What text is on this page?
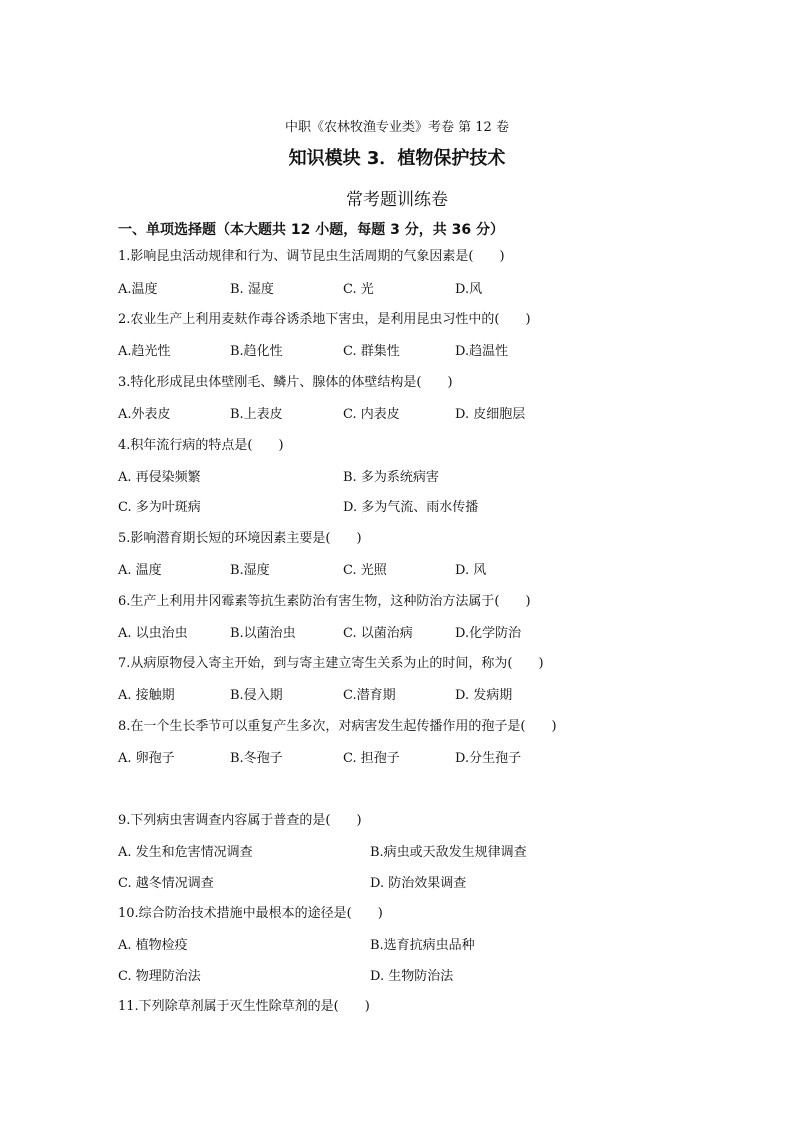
中职《农林牧渔专业类》考卷 第 12 卷
知识模块 3．植物保护技术
常考题训练卷
一、单项选择题（本大题共 12 小题，每题 3 分，共 36 分）
1.影响昆虫活动规律和行为、调节昆虫生活周期的气象因素是(　　)
A.温度	B. 湿度	C. 光	D.风
2.农业生产上利用麦麸作毒谷诱杀地下害虫，是利用昆虫习性中的(　　)
A.趋光性	B.趋化性	C. 群集性	D.趋温性
3.特化形成昆虫体壁刚毛、鳞片、腺体的体壁结构是(　　)
A.外表皮	B.上表皮	C. 内表皮	D. 皮细胞层
4.积年流行病的特点是(　　)
A. 再侵染频繁	B. 多为系统病害
C. 多为叶斑病	D. 多为气流、雨水传播
5.影响潜育期长短的环境因素主要是(　　)
A. 温度	B.湿度	C. 光照	D. 风
6.生产上利用井冈霉素等抗生素防治有害生物，这种防治方法属于(　　)
A. 以虫治虫	B.以菌治虫	C. 以菌治病	D.化学防治
7.从病原物侵入寄主开始，到与寄主建立寄生关系为止的时间，称为(　　)
A. 接触期	B.侵入期	C.潜育期	D. 发病期
8.在一个生长季节可以重复产生多次，对病害发生起传播作用的孢子是(　　)
A. 卵孢子	B.冬孢子	C. 担孢子	D.分生孢子
9.下列病虫害调查内容属于普查的是(　　)
A. 发生和危害情况调查	B.病虫或天敌发生规律调查
C. 越冬情况调查	D. 防治效果调查
10.综合防治技术措施中最根本的途径是(　　)
A. 植物检疫	B.选育抗病虫品种
C. 物理防治法	D. 生物防治法
11.下列除草剂属于灭生性除草剂的是(　　)
